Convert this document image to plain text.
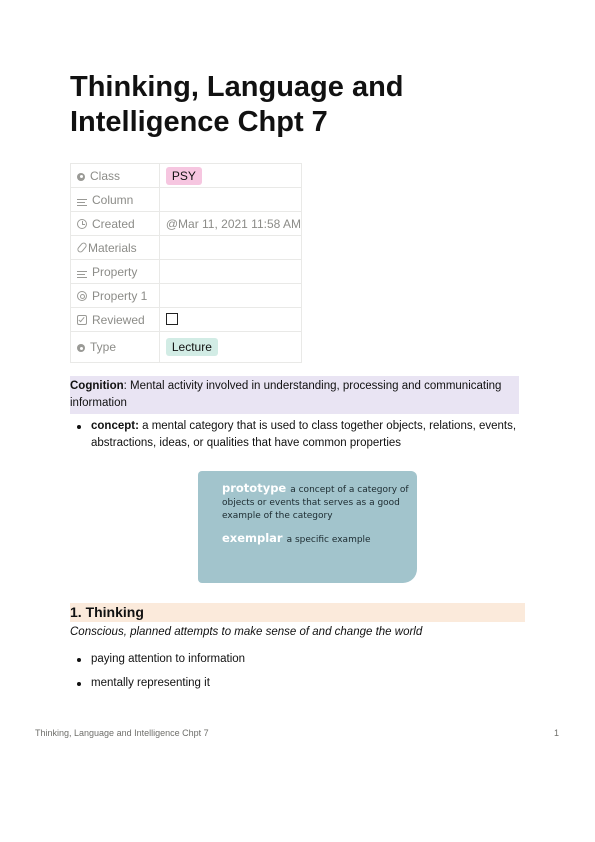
Thinking, Language and Intelligence Chpt 7
Class	PSY
Column	
Created	@Mar 11, 2021 11:58 AM
Materials	
Property	
Property 1	
Reviewed	
Type	Lecture
Cognition: Mental activity involved in understanding, processing and communicating information
concept: a mental category that is used to class together objects, relations, events, abstractions, ideas, or qualities that have common properties
prototype a concept of a category of objects or events that serves as a good example of the category
exemplar a specific example
1. Thinking
Conscious, planned attempts to make sense of and change the world
paying attention to information
mentally representing it
Thinking, Language and Intelligence Chpt 7	1
